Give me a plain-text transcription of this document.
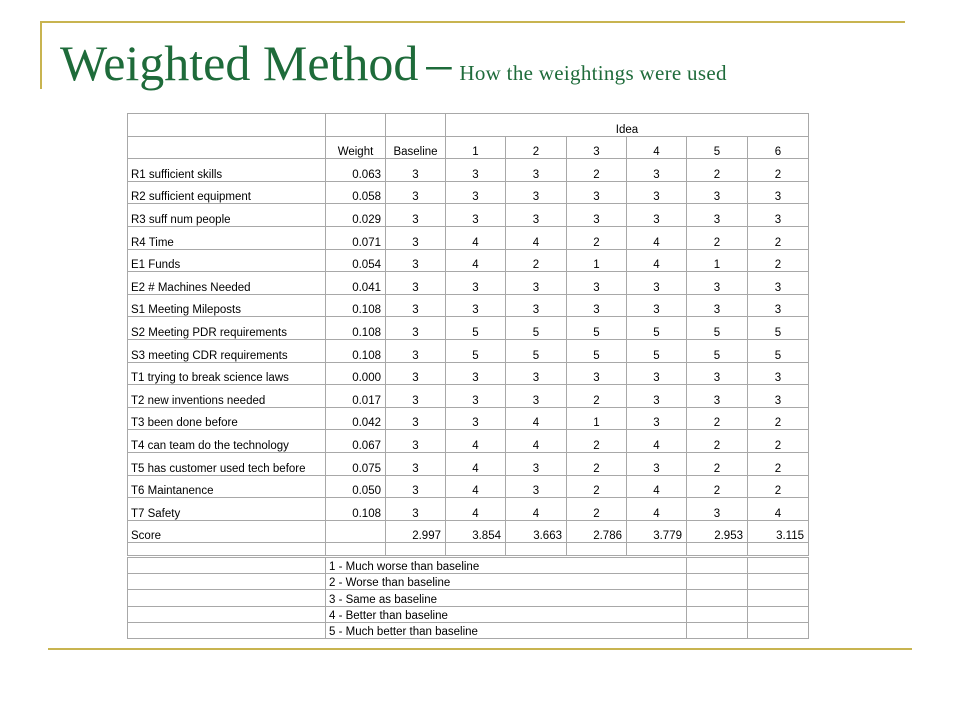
Weighted Method – How the weightings were used
			Idea					
	Weight	Baseline	1	2	3	4	5	6
R1 sufficient skills	0.063	3	3	3	2	3	2	2
R2 sufficient equipment	0.058	3	3	3	3	3	3	3
R3 suff num people	0.029	3	3	3	3	3	3	3
R4 Time	0.071	3	4	4	2	4	2	2
E1 Funds	0.054	3	4	2	1	4	1	2
E2 # Machines Needed	0.041	3	3	3	3	3	3	3
S1 Meeting Mileposts	0.108	3	3	3	3	3	3	3
S2 Meeting PDR requirements	0.108	3	5	5	5	5	5	5
S3 meeting CDR requirements	0.108	3	5	5	5	5	5	5
T1 trying to break science laws	0.000	3	3	3	3	3	3	3
T2 new inventions needed	0.017	3	3	3	2	3	3	3
T3 been done before	0.042	3	3	4	1	3	2	2
T4 can team do the technology	0.067	3	4	4	2	4	2	2
T5 has customer used tech before	0.075	3	4	3	2	3	2	2
T6 Maintanence	0.050	3	4	3	2	4	2	2
T7 Safety	0.108	3	4	4	2	4	3	4
Score		2.997	3.854	3.663	2.786	3.779	2.953	3.115

	1 - Much worse than baseline		
	2 - Worse than baseline		
	3 - Same as baseline		
	4 - Better than baseline		
	5 - Much better than baseline		
